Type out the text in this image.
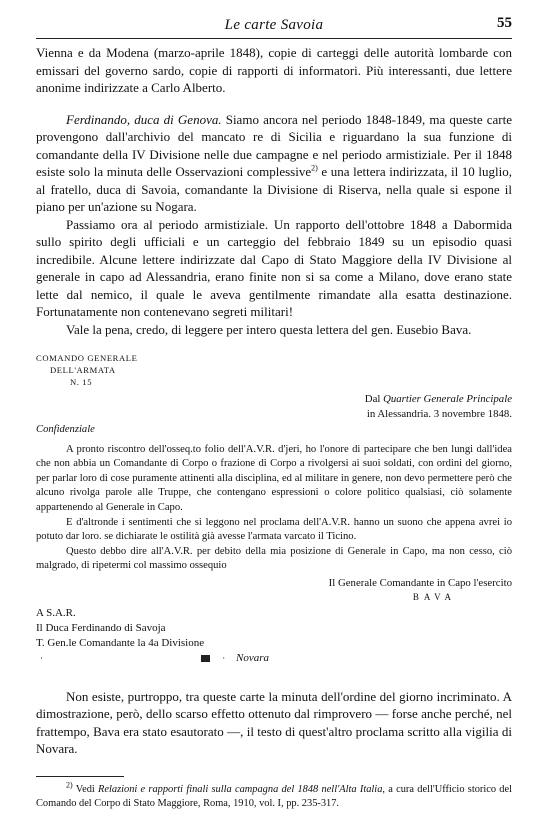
Le carte Savoia	55

Vienna e da Modena (marzo-aprile 1848), copie di carteggi delle autorità lombarde con emissari del governo sardo, copie di rapporti di informatori. Più interessanti, due lettere anonime indirizzate a Carlo Alberto.

Ferdinando, duca di Genova. Siamo ancora nel periodo 1848-1849, ma queste carte provengono dall'archivio del mancato re di Sicilia e riguardano la sua funzione di comandante della IV Divisione nelle due campagne e nel periodo armistiziale. Per il 1848 esiste solo la minuta delle Osservazioni complessive$^{2)}$ e una lettera indirizzata, il 10 luglio, al fratello, duca di Savoia, comandante la Divisione di Riserva, nella quale si espone il piano per un'azione su Nogara.

Passiamo ora al periodo armistiziale. Un rapporto dell'ottobre 1848 a Dabormida sullo spirito degli ufficiali e un carteggio del febbraio 1849 su un episodio quasi incredibile. Alcune lettere indirizzate dal Capo di Stato Maggiore della IV Divisione al generale in capo ad Alessandria, erano finite non si sa come a Milano, dove erano state lette dal nemico, il quale le aveva gentilmente rimandate alla esatta destinazione. Fortunatamente non contenevano segreti militari!

Vale la pena, credo, di leggere per intero questa lettera del gen. Eusebio Bava.

COMANDO GENERALE
DELL'ARMATA
N. 15
Dal Quartier Generale Principale
in Alessandria. 3 novembre 1848.
Confidenziale

A pronto riscontro dell'osseq.to folio dell'A.V.R. d'jeri, ho l'onore di partecipare che ben lungi dall'idea che non abbia un Comandante di Corpo o frazione di Corpo a rivolgersi ai suoi soldati, con ordini del giorno, per parlar loro di cose puramente attinenti alla disciplina, ed al militare in genere, non devo permettere però che alcuno rivolga parole alle Truppe, che contengano espressioni o colore politico qualsiasi, ciò solamente appartenendo al Generale in Capo.

E d'altronde i sentimenti che si leggono nel proclama dell'A.V.R. hanno un suono che appena avrei io potuto dar loro. se dichiarate le ostilità già avesse l'armata varcato il Ticino.

Questo debbo dire all'A.V.R. per debito della mia posizione di Generale in Capo, ma non cesso, ciò malgrado, di ripetermi col massimo ossequio

Il Generale Comandante in Capo l'esercito
BAVA
A S.A.R.
Il Duca Ferdinando di Savoja
T. Gen.le Comandante la 4a Divisione
·	· Novara

Non esiste, purtroppo, tra queste carte la minuta dell'ordine del giorno incriminato. A dimostrazione, però, dello scarso effetto ottenuto dal rimprovero — forse anche perché, nel frattempo, Bava era stato esautorato —, il testo di quest'altro proclama scritto alla vigilia di Novara.

$^{2)}$ Vedi Relazioni e rapporti finali sulla campagna del 1848 nell'Alta Italia, a cura dell'Ufficio storico del Comando del Corpo di Stato Maggiore, Roma, 1910, vol. I, pp. 235-317.
